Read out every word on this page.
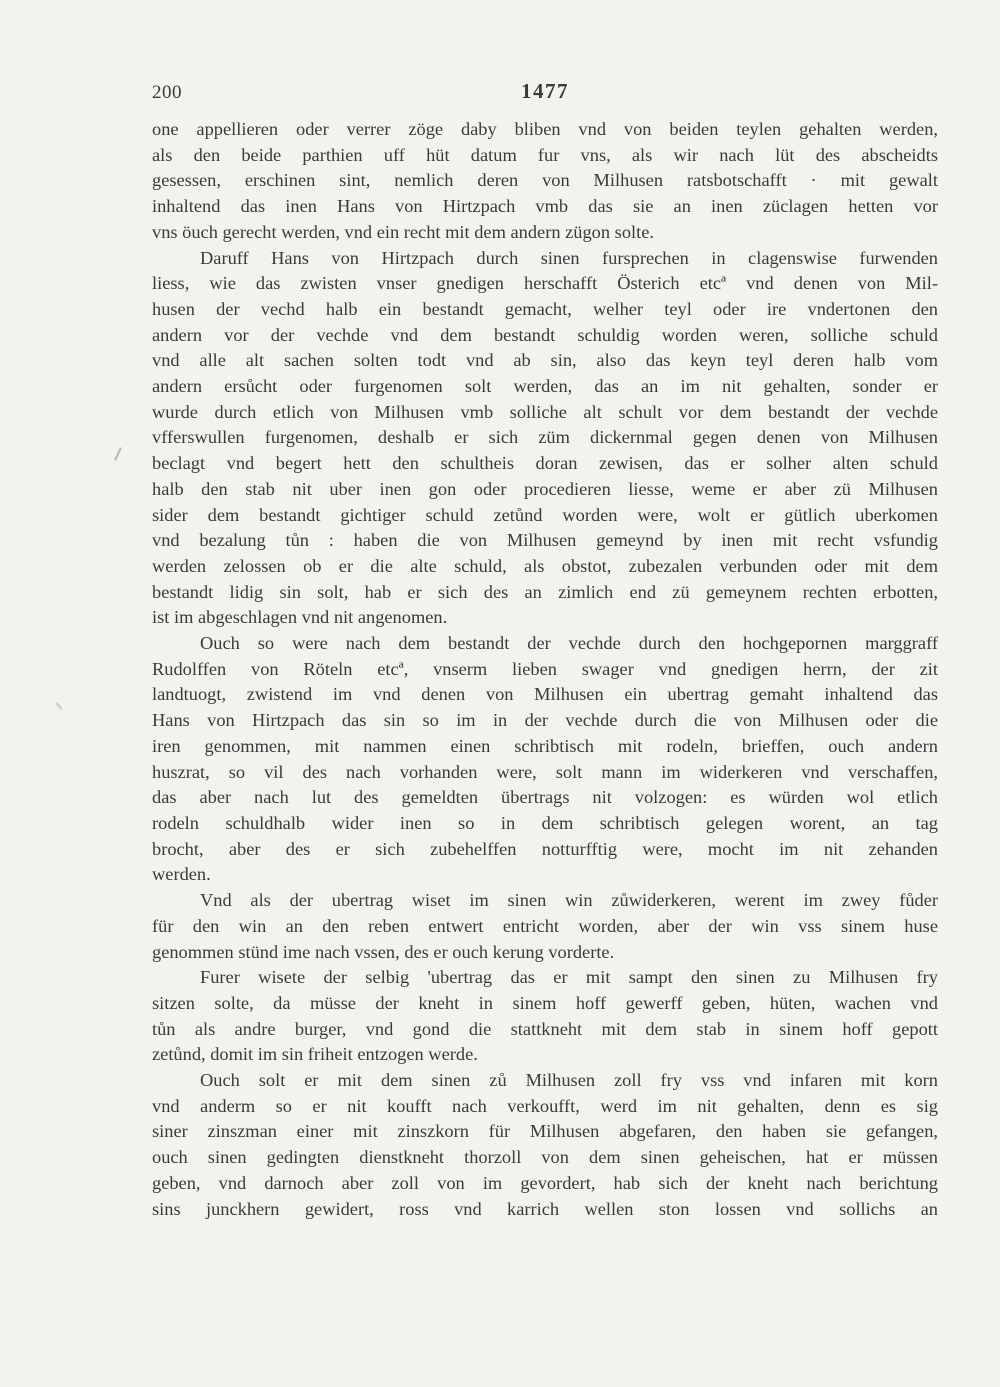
200	1477
one appellieren oder verrer zöge daby bliben vnd von beiden teylen gehalten werden,
als den beide parthien uff hüt datum fur vns, als wir nach lüt des abscheidts
gesessen, erschinen sint, nemlich deren von Milhusen ratsbotschafft · mit gewalt
inhaltend das inen Hans von Hirtzpach vmb das sie an inen züclagen hetten vor
vns öuch gerecht werden, vnd ein recht mit dem andern zügon solte.
Daruff Hans von Hirtzpach durch sinen fursprechen in clagenswise furwenden
liess, wie das zwisten vnser gnedigen herschafft Österich etcª vnd denen von Mil-
husen der vechd halb ein bestandt gemacht, welher teyl oder ire vndertonen den
andern vor der vechde vnd dem bestandt schuldig worden weren, solliche schuld
vnd alle alt sachen solten todt vnd ab sin, also das keyn teyl deren halb vom
andern ersůcht oder furgenomen solt werden, das an im nit gehalten, sonder er
wurde durch etlich von Milhusen vmb solliche alt schult vor dem bestandt der vechde
vfferswullen furgenomen, deshalb er sich züm dickernmal gegen denen von Milhusen
beclagt vnd begert hett den schultheis doran zewisen, das er solher alten schuld
halb den stab nit uber inen gon oder procedieren liesse, weme er aber zü Milhusen
sider dem bestandt gichtiger schuld zetůnd worden were, wolt er gütlich uberkomen
vnd bezalung tůn : haben die von Milhusen gemeynd by inen mit recht vsfundig
werden zelossen ob er die alte schuld, als obstot, zubezalen verbunden oder mit dem
bestandt lidig sin solt, hab er sich des an zimlich end zü gemeynem rechten erbotten,
ist im abgeschlagen vnd nit angenomen.
Ouch so were nach dem bestandt der vechde durch den hochgepornen marggraff
Rudolffen von Röteln etcª, vnserm lieben swager vnd gnedigen herrn, der zit
landtuogt, zwistend im vnd denen von Milhusen ein ubertrag gemaht inhaltend das
Hans von Hirtzpach das sin so im in der vechde durch die von Milhusen oder die
iren genommen, mit nammen einen schribtisch mit rodeln, brieffen, ouch andern
huszrat, so vil des nach vorhanden were, solt mann im widerkeren vnd verschaffen,
das aber nach lut des gemeldten übertrags nit volzogen: es würden wol etlich
rodeln schuldhalb wider inen so in dem schribtisch gelegen worent, an tag
brocht, aber des er sich zubehelffen notturfftig were, mocht im nit zehanden
werden.
Vnd als der ubertrag wiset im sinen win zůwiderkeren, werent im zwey fůder
für den win an den reben entwert entricht worden, aber der win vss sinem huse
genommen stünd ime nach vssen, des er ouch kerung vorderte.
Furer wisete der selbig 'ubertrag das er mit sampt den sinen zu Milhusen fry
sitzen solte, da müsse der kneht in sinem hoff gewerff geben, hüten, wachen vnd
tůn als andre burger, vnd gond die stattkneht mit dem stab in sinem hoff gepott
zetůnd, domit im sin friheit entzogen werde.
Ouch solt er mit dem sinen zů Milhusen zoll fry vss vnd infaren mit korn
vnd anderm so er nit koufft nach verkoufft, werd im nit gehalten, denn es sig
siner zinszman einer mit zinszkorn für Milhusen abgefaren, den haben sie gefangen,
ouch sinen gedingten dienstkneht thorzoll von dem sinen geheischen, hat er müssen
geben, vnd darnoch aber zoll von im gevordert, hab sich der kneht nach berichtung
sins junckhern gewidert, ross vnd karrich wellen ston lossen vnd sollichs an
